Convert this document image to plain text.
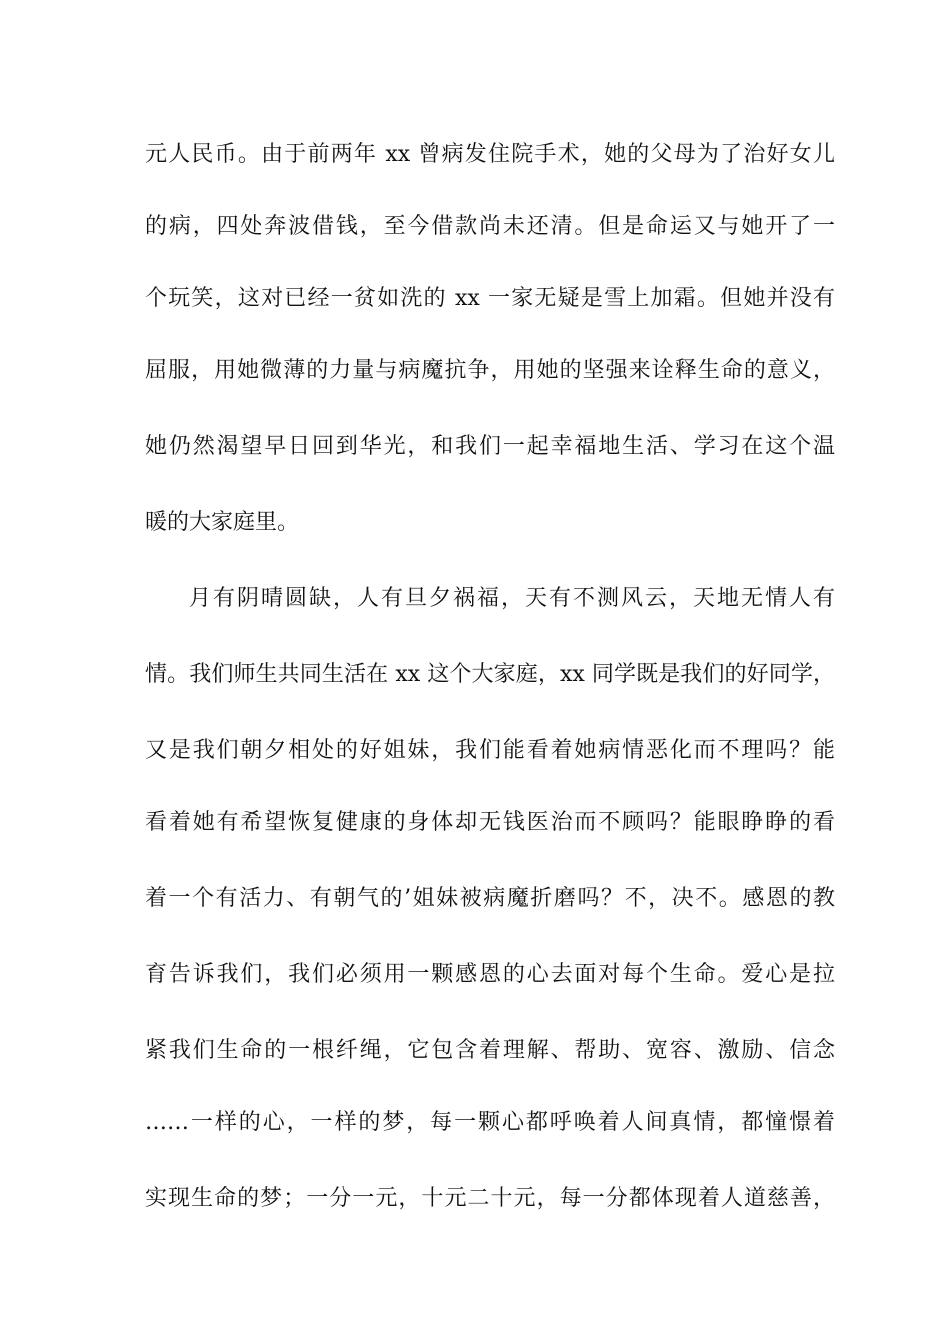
元人民币。由于前两年 xx 曾病发住院手术，她的父母为了治好女儿
的病，四处奔波借钱，至今借款尚未还清。但是命运又与她开了一
个玩笑，这对已经一贫如洗的 xx 一家无疑是雪上加霜。但她并没有
屈服，用她微薄的力量与病魔抗争，用她的坚强来诠释生命的意义，
她仍然渴望早日回到华光，和我们一起幸福地生活、学习在这个温
暖的大家庭里。
月有阴晴圆缺，人有旦夕祸福，天有不测风云，天地无情人有
情。我们师生共同生活在 xx 这个大家庭，xx 同学既是我们的好同学，
又是我们朝夕相处的好姐妹，我们能看着她病情恶化而不理吗？能
看着她有希望恢复健康的身体却无钱医治而不顾吗？能眼睁睁的看
着一个有活力、有朝气的’姐妹被病魔折磨吗？不，决不。感恩的教
育告诉我们，我们必须用一颗感恩的心去面对每个生命。爱心是拉
紧我们生命的一根纤绳，它包含着理解、帮助、宽容、激励、信念
……一样的心，一样的梦，每一颗心都呼唤着人间真情，都憧憬着
实现生命的梦；一分一元，十元二十元，每一分都体现着人道慈善，
